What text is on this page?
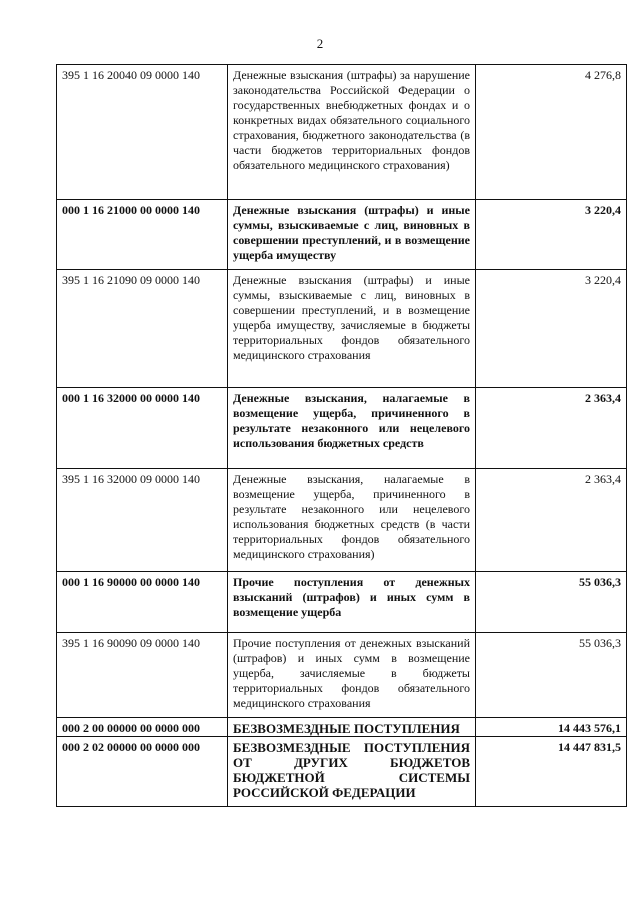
2
395 1 16 20040 09 0000 140	Денежные взыскания (штрафы) за нарушение законодательства Российской Федерации о государственных внебюджетных фондах и о конкретных видах обязательного социального страхования, бюджетного законодательства (в части бюджетов территориальных фондов обязательного медицинского страхования)	4 276,8
000 1 16 21000 00 0000 140	Денежные взыскания (штрафы) и иные суммы, взыскиваемые с лиц, виновных в совершении преступлений, и в возмещение ущерба имуществу	3 220,4
395 1 16 21090 09 0000 140	Денежные взыскания (штрафы) и иные суммы, взыскиваемые с лиц, виновных в совершении преступлений, и в возмещение ущерба имуществу, зачисляемые в бюджеты территориальных фондов обязательного медицинского страхования	3 220,4
000 1 16 32000 00 0000 140	Денежные взыскания, налагаемые в возмещение ущерба, причиненного в результате незаконного или нецелевого использования бюджетных средств	2 363,4
395 1 16 32000 09 0000 140	Денежные взыскания, налагаемые в возмещение ущерба, причиненного в результате незаконного или нецелевого использования бюджетных средств (в части территориальных фондов обязательного медицинского страхования)	2 363,4
000 1 16 90000 00 0000 140	Прочие поступления от денежных взысканий (штрафов) и иных сумм в возмещение ущерба	55 036,3
395 1 16 90090 09 0000 140	Прочие поступления от денежных взысканий (штрафов) и иных сумм в возмещение ущерба, зачисляемые в бюджеты территориальных фондов обязательного медицинского страхования	55 036,3
000 2 00 00000 00 0000 000	БЕЗВОЗМЕЗДНЫЕ ПОСТУПЛЕНИЯ	14 443 576,1
000 2 02 00000 00 0000 000	БЕЗВОЗМЕЗДНЫЕ ПОСТУПЛЕНИЯ ОТ ДРУГИХ БЮДЖЕТОВ БЮДЖЕТНОЙ СИСТЕМЫ РОССИЙСКОЙ ФЕДЕРАЦИИ	14 447 831,5
